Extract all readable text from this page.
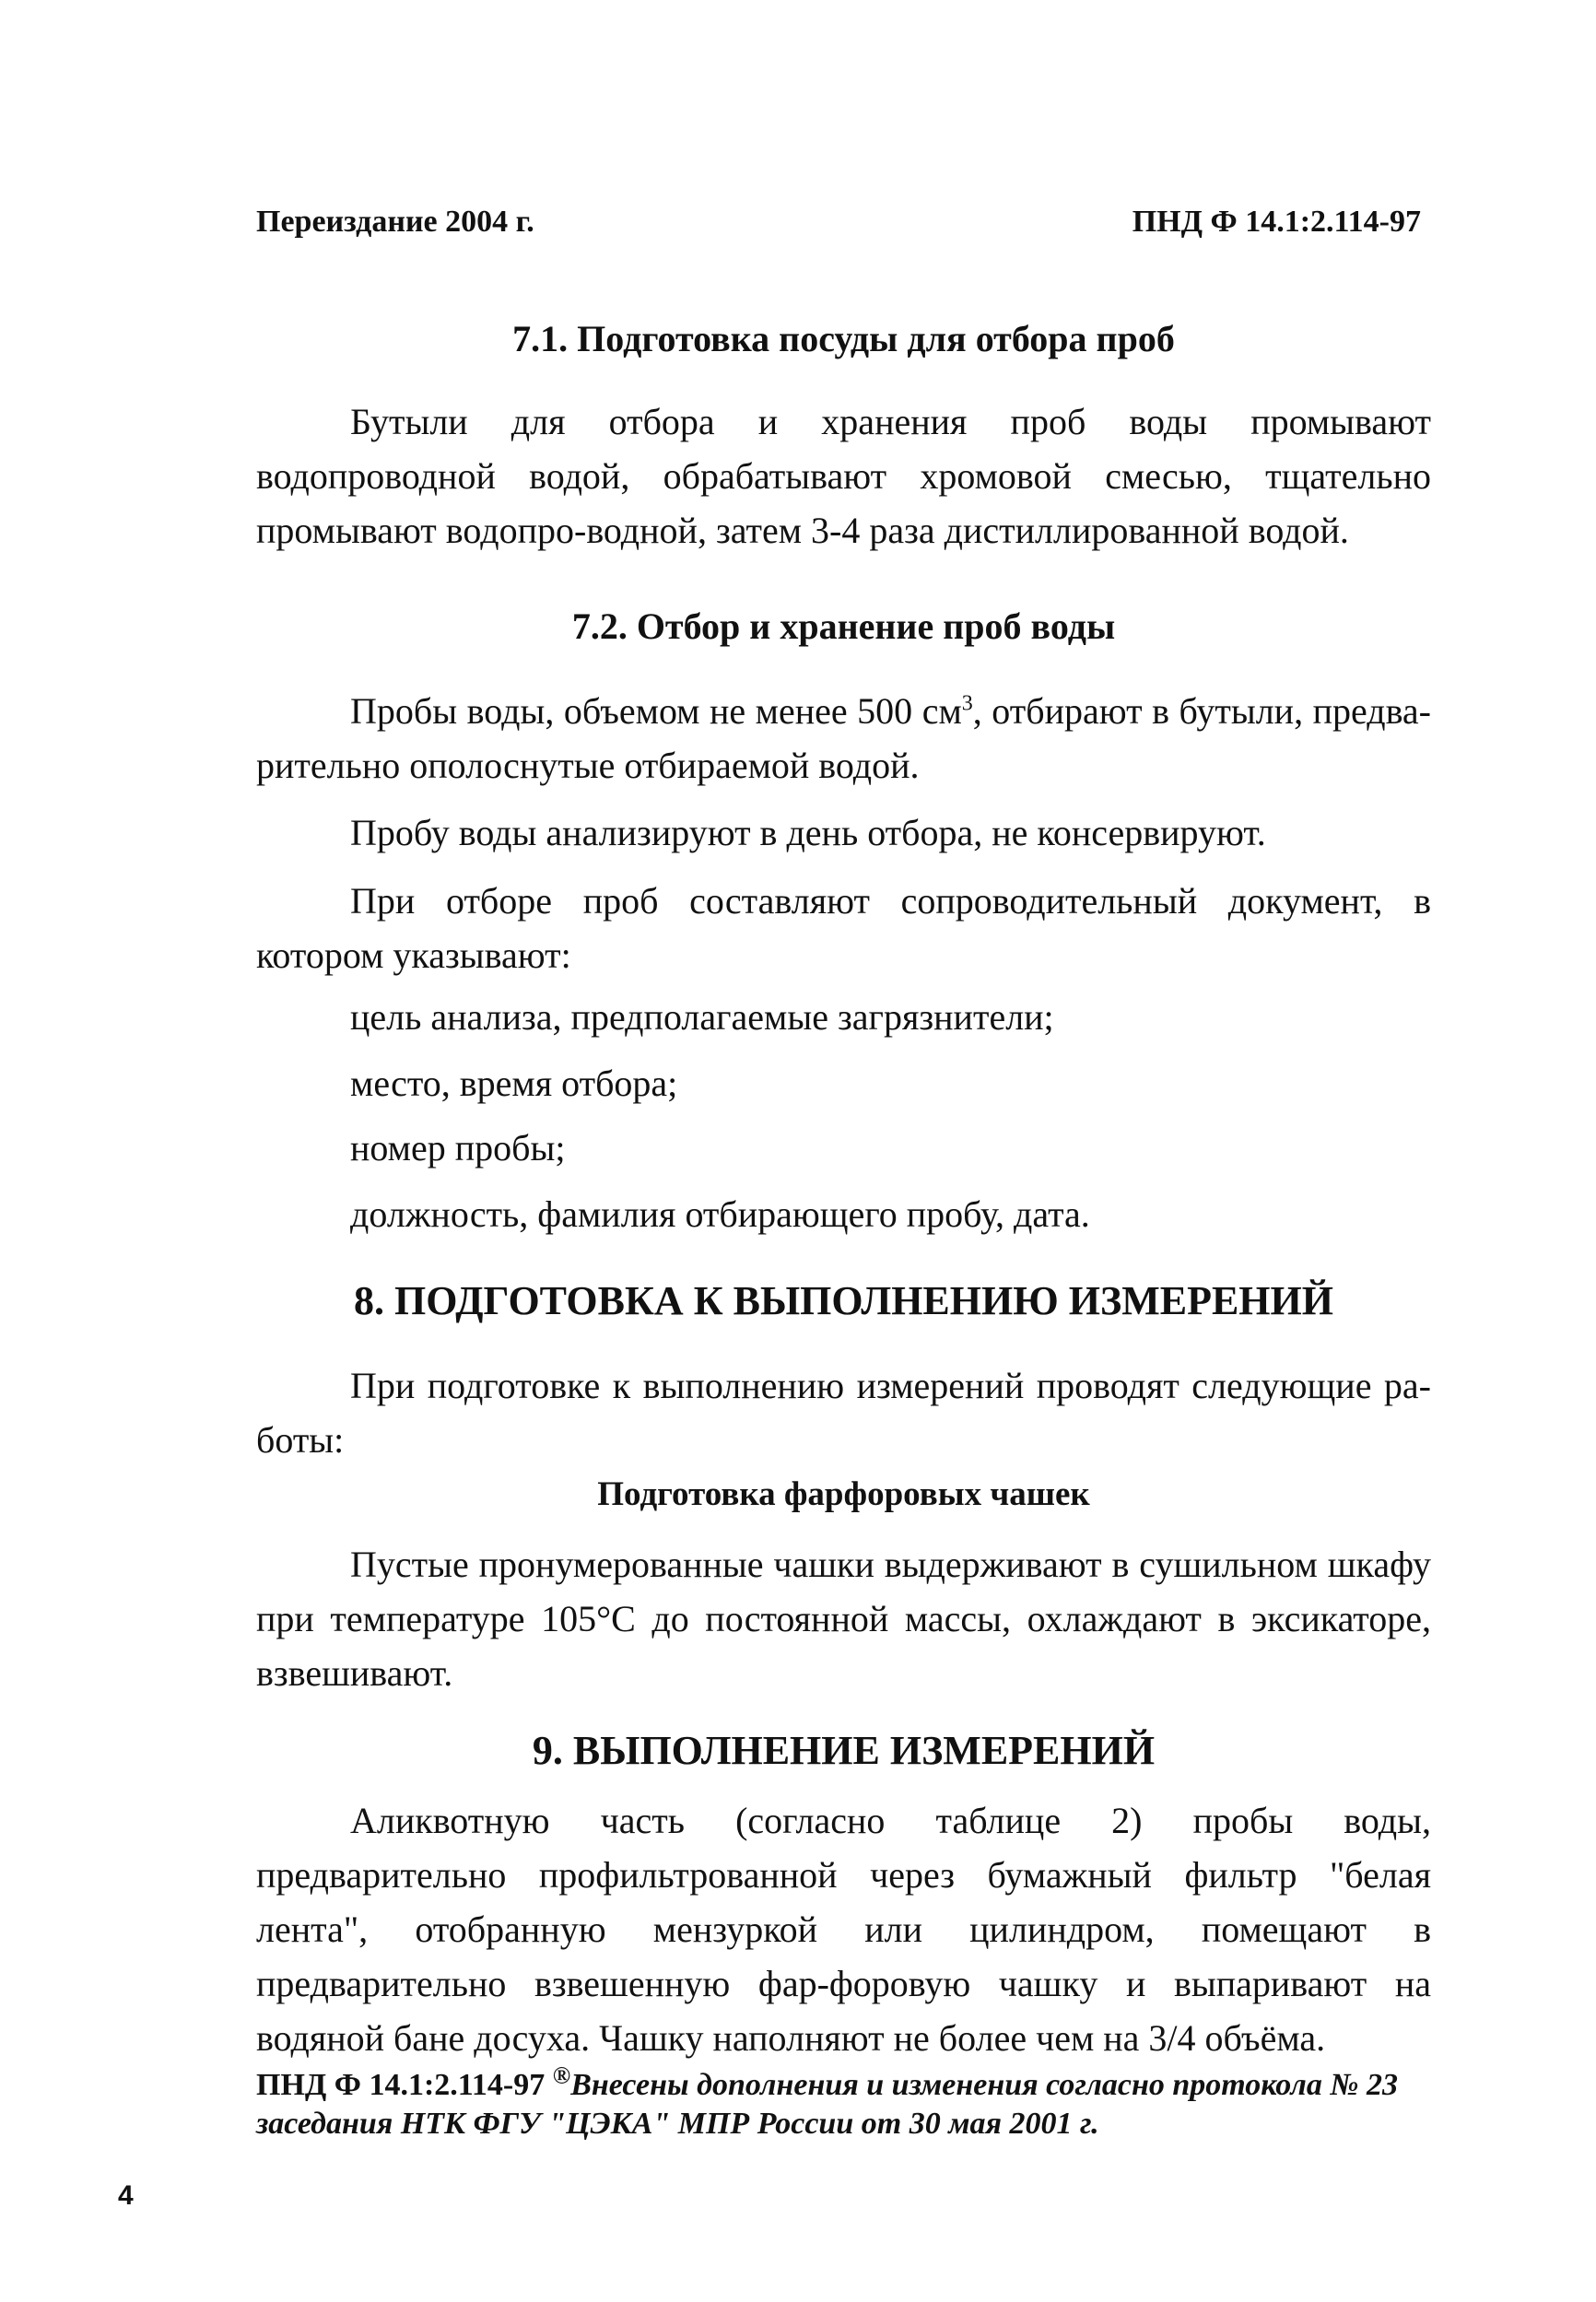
Переиздание 2004 г.	ПНД Ф 14.1:2.114-97
7.1. Подготовка посуды для отбора проб
Бутыли для отбора и хранения проб воды промывают водопроводной водой, обрабатывают хромовой смесью, тщательно промывают водопро-водной, затем 3-4 раза дистиллированной водой.
7.2. Отбор и хранение проб воды
Пробы воды, объемом не менее 500 $см^3$, отбирают в бутыли, предва-рительно ополоснутые отбираемой водой.
Пробу воды анализируют в день отбора, не консервируют.
При отборе проб составляют сопроводительный документ, в котором указывают:
цель анализа, предполагаемые загрязнители;
место, время отбора;
номер пробы;
должность, фамилия отбирающего пробу, дата.
8. ПОДГОТОВКА К ВЫПОЛНЕНИЮ ИЗМЕРЕНИЙ
При подготовке к выполнению измерений проводят следующие ра-боты:
Подготовка фарфоровых чашек
Пустые пронумерованные чашки выдерживают в сушильном шкафу при температуре 105°С до постоянной массы, охлаждают в эксикаторе, взвешивают.
9. ВЫПОЛНЕНИЕ ИЗМЕРЕНИЙ
Аликвотную часть (согласно таблице 2) пробы воды, предварительно профильтрованной через бумажный фильтр "белая лента", отобранную мензуркой или цилиндром, помещают в предварительно взвешенную фар-форовую чашку и выпаривают на водяной бане досуха. Чашку наполняют не более чем на 3/4 объёма.
ПНД Ф 14.1:2.114-97 ®Внесены дополнения и изменения согласно протокола № 23 заседания НТК ФГУ "ЦЭКА" МПР России от 30 мая 2001 г.
4
